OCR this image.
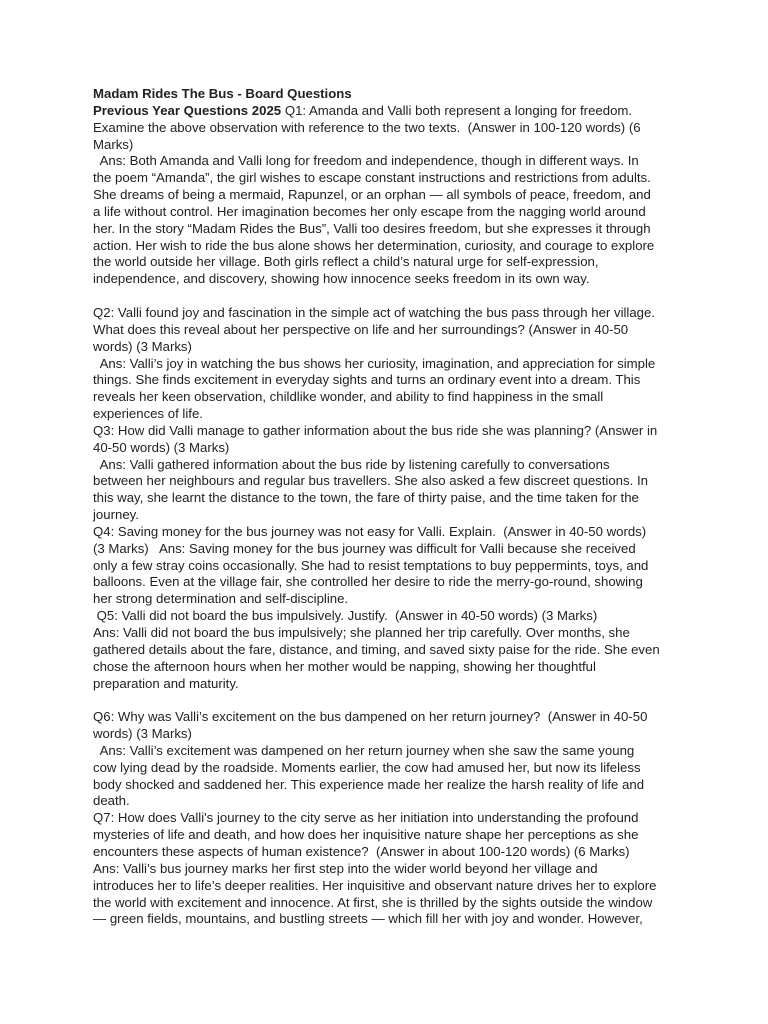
Madam Rides The Bus - Board Questions
Previous Year Questions 2025 Q1: Amanda and Valli both represent a longing for freedom.
Examine the above observation with reference to the two texts.  (Answer in 100-120 words) (6
Marks)
Ans: Both Amanda and Valli long for freedom and independence, though in different ways. In
the poem “Amanda”, the girl wishes to escape constant instructions and restrictions from adults.
She dreams of being a mermaid, Rapunzel, or an orphan — all symbols of peace, freedom, and
a life without control. Her imagination becomes her only escape from the nagging world around
her. In the story “Madam Rides the Bus”, Valli too desires freedom, but she expresses it through
action. Her wish to ride the bus alone shows her determination, curiosity, and courage to explore
the world outside her village. Both girls reflect a child’s natural urge for self-expression,
independence, and discovery, showing how innocence seeks freedom in its own way.
Q2: Valli found joy and fascination in the simple act of watching the bus pass through her village.
What does this reveal about her perspective on life and her surroundings? (Answer in 40-50
words) (3 Marks)
Ans: Valli’s joy in watching the bus shows her curiosity, imagination, and appreciation for simple
things. She finds excitement in everyday sights and turns an ordinary event into a dream. This
reveals her keen observation, childlike wonder, and ability to find happiness in the small
experiences of life.
Q3: How did Valli manage to gather information about the bus ride she was planning? (Answer in
40-50 words) (3 Marks)
Ans: Valli gathered information about the bus ride by listening carefully to conversations
between her neighbours and regular bus travellers. She also asked a few discreet questions. In
this way, she learnt the distance to the town, the fare of thirty paise, and the time taken for the
journey.
Q4: Saving money for the bus journey was not easy for Valli. Explain.  (Answer in 40-50 words)
(3 Marks)   Ans: Saving money for the bus journey was difficult for Valli because she received
only a few stray coins occasionally. She had to resist temptations to buy peppermints, toys, and
balloons. Even at the village fair, she controlled her desire to ride the merry-go-round, showing
her strong determination and self-discipline.
Q5: Valli did not board the bus impulsively. Justify.  (Answer in 40-50 words) (3 Marks)
Ans: Valli did not board the bus impulsively; she planned her trip carefully. Over months, she
gathered details about the fare, distance, and timing, and saved sixty paise for the ride. She even
chose the afternoon hours when her mother would be napping, showing her thoughtful
preparation and maturity.
Q6: Why was Valli’s excitement on the bus dampened on her return journey?  (Answer in 40-50
words) (3 Marks)
Ans: Valli’s excitement was dampened on her return journey when she saw the same young
cow lying dead by the roadside. Moments earlier, the cow had amused her, but now its lifeless
body shocked and saddened her. This experience made her realize the harsh reality of life and
death.
Q7: How does Valli's journey to the city serve as her initiation into understanding the profound
mysteries of life and death, and how does her inquisitive nature shape her perceptions as she
encounters these aspects of human existence?  (Answer in about 100-120 words) (6 Marks)
Ans: Valli’s bus journey marks her first step into the wider world beyond her village and
introduces her to life’s deeper realities. Her inquisitive and observant nature drives her to explore
the world with excitement and innocence. At first, she is thrilled by the sights outside the window
— green fields, mountains, and bustling streets — which fill her with joy and wonder. However,
